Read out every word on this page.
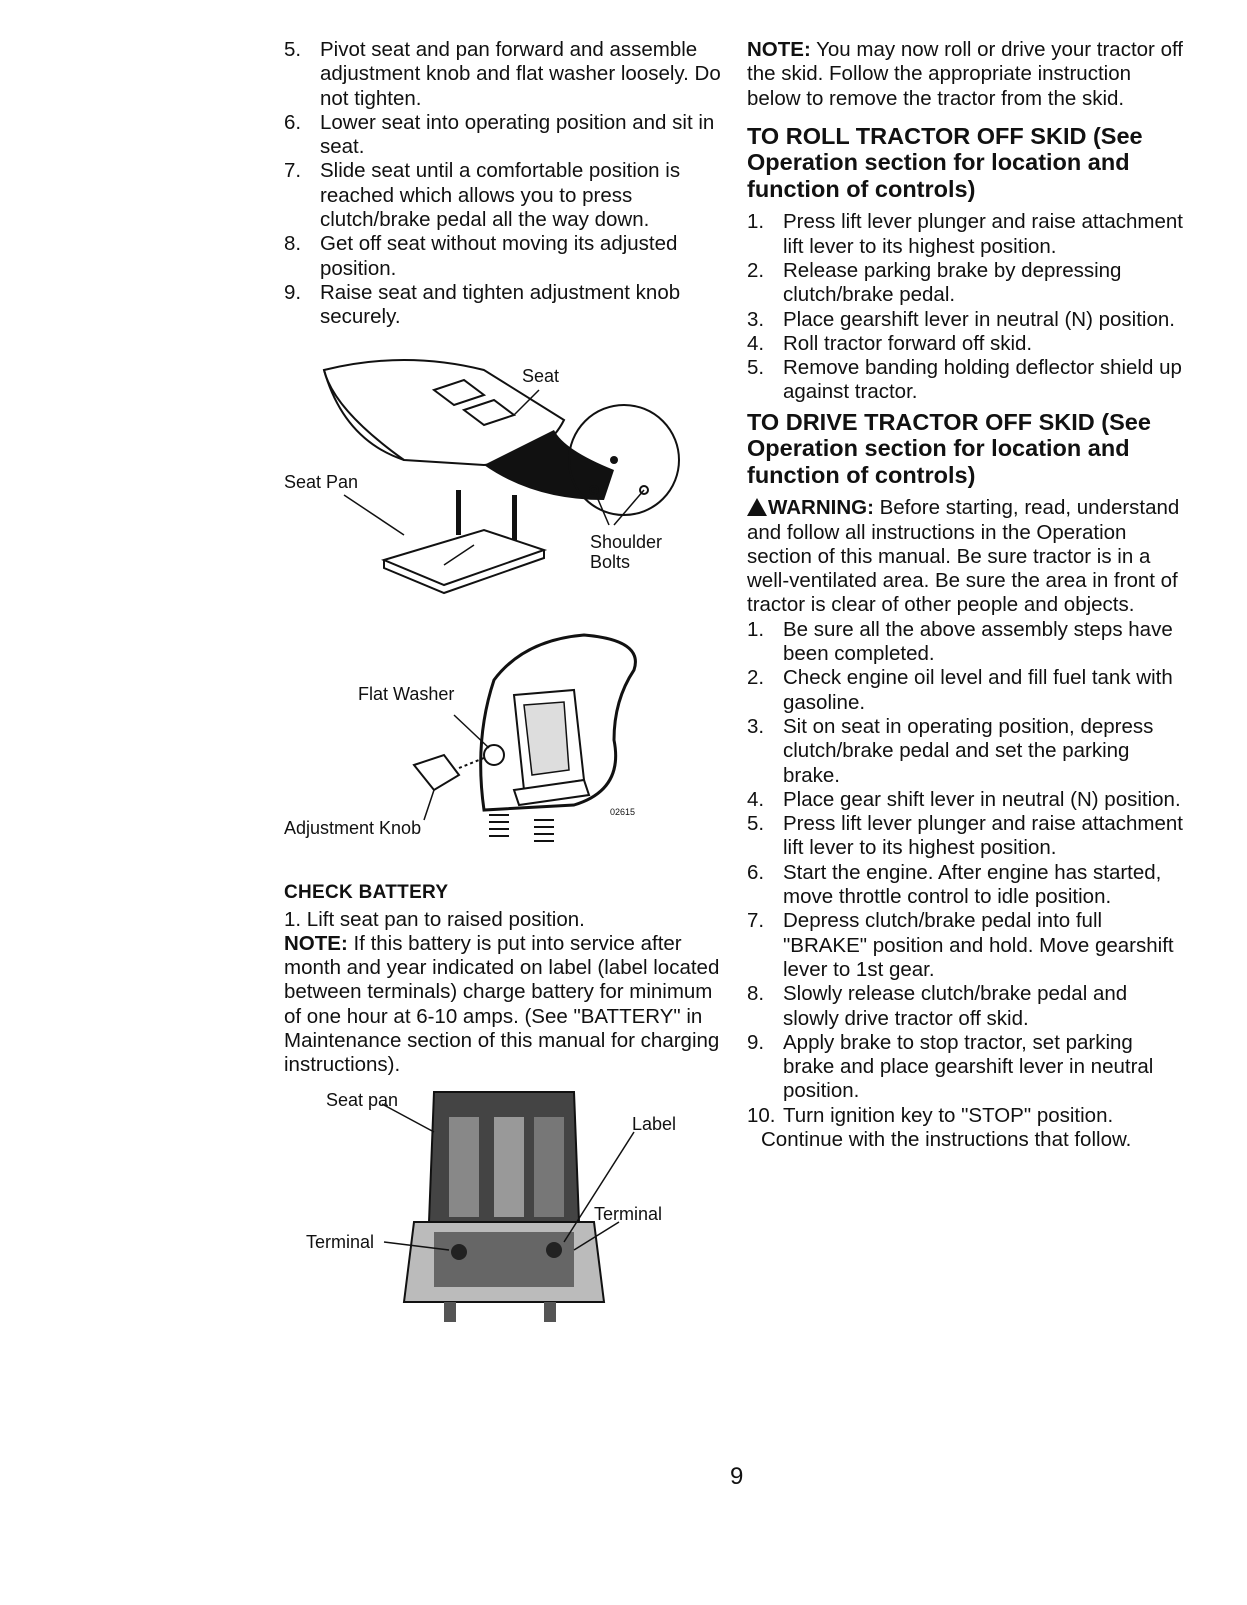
5. Pivot seat and pan forward and assemble adjustment knob and flat washer loosely. Do not tighten.
6. Lower seat into operating position and sit in seat.
7. Slide seat until a comfortable position is reached which allows you to press clutch/brake pedal all the way down.
8. Get off seat without moving its adjusted position.
9. Raise seat and tighten adjustment knob securely.
Seat
Seat Pan
Shoulder Bolts
Flat Washer
Adjustment Knob
02615
CHECK BATTERY
1. Lift seat pan to raised position.
NOTE: If this battery is put into service after month and year indicated on label (label located between terminals) charge battery for minimum of one hour at 6-10 amps. (See "BATTERY" in Maintenance section of this manual for charging instructions).
Seat pan
Label
Terminal
Terminal
NOTE: You may now roll or drive your tractor off the skid. Follow the appropriate instruction below to remove the tractor from the skid.
TO ROLL TRACTOR OFF SKID (See Operation section for location and function of controls)
1. Press lift lever plunger and raise attachment lift lever to its highest position.
2. Release parking brake by depressing clutch/brake pedal.
3. Place gearshift lever in neutral (N) position.
4. Roll tractor forward off skid.
5. Remove banding holding deflector shield up against tractor.
TO DRIVE TRACTOR OFF SKID (See Operation section for location and function of controls)
WARNING: Before starting, read, understand and follow all instructions in the Operation section of this manual. Be sure tractor is in a well-ventilated area. Be sure the area in front of tractor is clear of other people and objects.
1. Be sure all the above assembly steps have been completed.
2. Check engine oil level and fill fuel tank with gasoline.
3. Sit on seat in operating position, depress clutch/brake pedal and set the parking brake.
4. Place gear shift lever in neutral (N) position.
5. Press lift lever plunger and raise attachment lift lever to its highest position.
6. Start the engine. After engine has started, move throttle control to idle position.
7. Depress clutch/brake pedal into full "BRAKE" position and hold. Move gearshift lever to 1st gear.
8. Slowly release clutch/brake pedal and slowly drive tractor off skid.
9. Apply brake to stop tractor, set parking brake and place gearshift lever in neutral position.
10. Turn ignition key to "STOP" position.
Continue with the instructions that follow.
9
